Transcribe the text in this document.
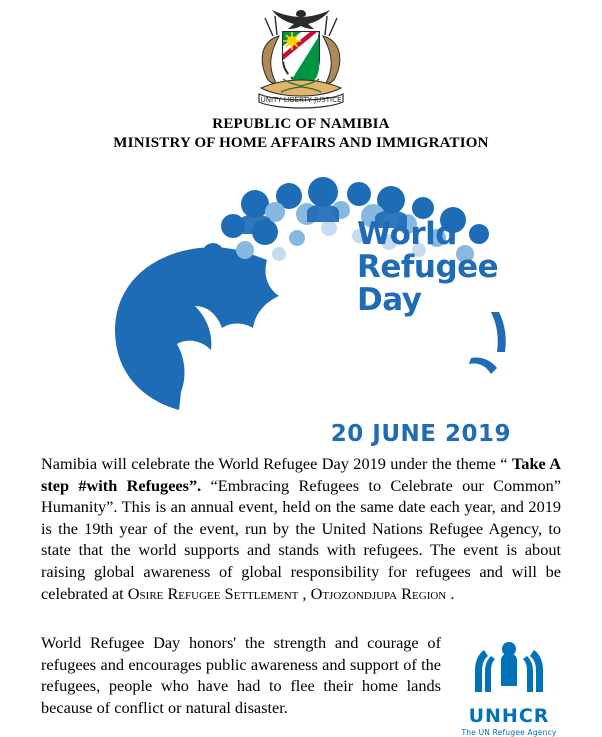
UNITY LIBERTY JUSTICE
REPUBLIC OF NAMIBIA
MINISTRY OF HOME AFFAIRS AND IMMIGRATION
World
Refugee
Day
20 JUNE 2019

Namibia will celebrate the World Refugee Day 2019 under the theme “ Take A step #with Refugees”. “Embracing Refugees to Celebrate our Common” Humanity”. This is an annual event, held on the same date each year, and 2019 is the 19th year of the event, run by the United Nations Refugee Agency, to state that the world supports and stands with refugees. The event is about raising global awareness of global responsibility for refugees and will be celebrated at Osire Refugee Settlement , Otjozondjupa Region .

World Refugee Day honors' the strength and courage of refugees and encourages public awareness and support of the refugees, people who have had to flee their home lands because of conflict or natural disaster.	UNHCR
The UN Refugee Agency
